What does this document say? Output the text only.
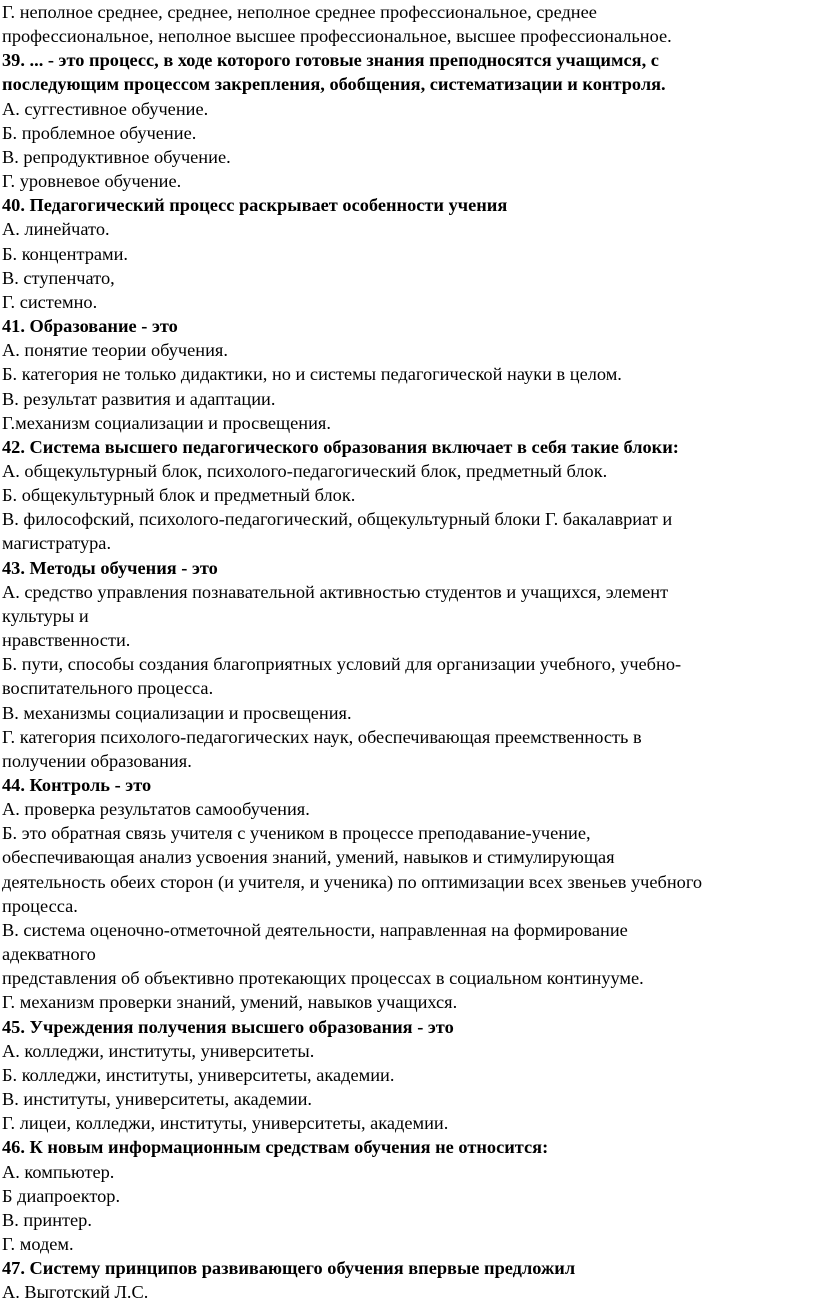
Г. неполное среднее, среднее, неполное среднее профессиональное, среднее

профессиональное, неполное высшее профессиональное, высшее профессиональное.

39. ... - это процесс, в ходе которого готовые знания преподносятся учащимся, с

последующим процессом закрепления, обобщения, систематизации и контроля.

А. суггестивное обучение.

Б. проблемное обучение.

В. репродуктивное обучение.

Г. уровневое обучение.

40. Педагогический процесс раскрывает особенности учения

А. линейчато.

Б. концентрами.

В. ступенчато,

Г. системно.

41. Образование - это

А. понятие теории обучения.

Б. категория не только дидактики, но и системы педагогической науки в целом.

В. результат развития и адаптации.

Г.механизм социализации и просвещения.

42. Система высшего педагогического образования включает в себя такие блоки:

А. общекультурный блок, психолого-педагогический блок, предметный блок.

Б. общекультурный блок и предметный блок.

В. философский, психолого-педагогический, общекультурный блоки Г. бакалавриат и

магистратура.

43. Методы обучения - это

А. средство управления познавательной активностью студентов и учащихся, элемент

культуры и

нравственности.

Б. пути, способы создания благоприятных условий для организации учебного, учебно-

воспитательного процесса.

В. механизмы социализации и просвещения.

Г. категория психолого-педагогических наук, обеспечивающая преемственность в

получении образования.

44. Контроль - это

А. проверка результатов самообучения.

Б. это обратная связь учителя с учеником в процессе преподавание-учение,

обеспечивающая анализ усвоения знаний, умений, навыков и стимулирующая

деятельность обеих сторон (и учителя, и ученика) по оптимизации всех звеньев учебного

процесса.

В. система оценочно-отметочной деятельности, направленная на формирование

адекватного

представления об объективно протекающих процессах в социальном континууме.

Г. механизм проверки знаний, умений, навыков учащихся.

45. Учреждения получения высшего образования - это

А. колледжи, институты, университеты.

Б. колледжи, институты, университеты, академии.

В. институты, университеты, академии.

Г. лицеи, колледжи, институты, университеты, академии.

46. К новым информационным средствам обучения не относится:

А. компьютер.

Б диапроектор.

В. принтер.

Г. модем.

47. Систему принципов развивающего обучения впервые предложил

А. Выготский Л.С.
